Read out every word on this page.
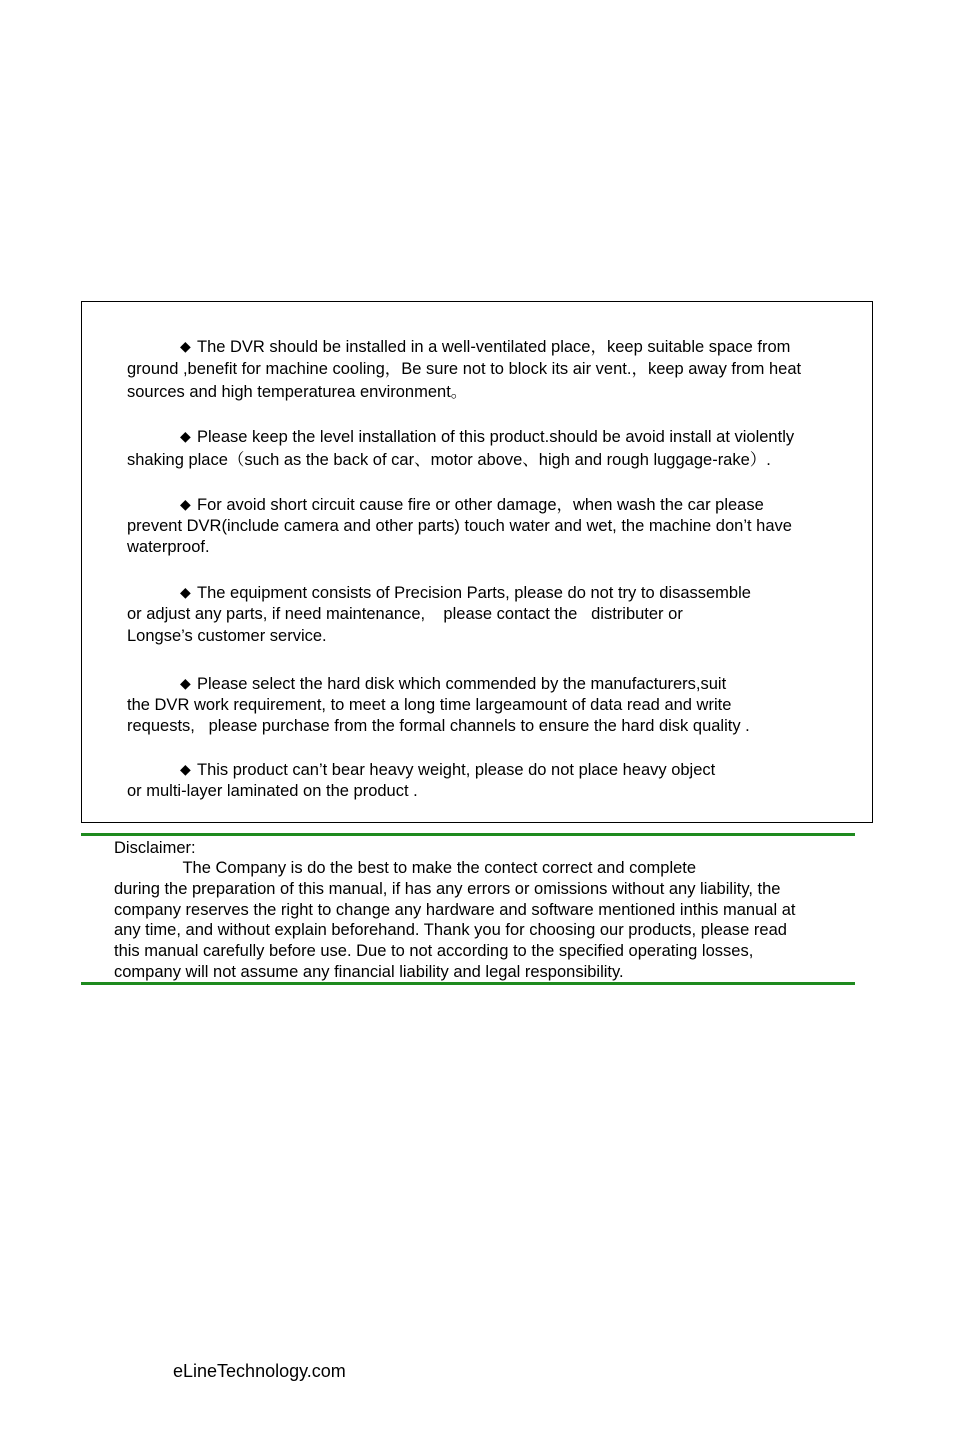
◆ The DVR should be installed in a well-ventilated place，keep suitable space from
ground ,benefit for machine cooling，Be sure not to block its air vent.，keep away from heat
sources and high temperaturea environment。
◆ Please keep the level installation of this product.should be avoid install at violently
shaking place（such as the back of car、motor above、high and rough luggage-rake）.
◆ For avoid short circuit cause fire or other damage，when wash the car please
prevent DVR(include camera and other parts) touch water and wet, the machine don’t have
waterproof.
◆ The equipment consists of Precision Parts, please do not try to disassemble
or adjust any parts, if need maintenance,    please contact the   distributer or
Longse’s customer service.
◆ Please select the hard disk which commended by the manufacturers,suit
the DVR work requirement, to meet a long time largeamount of data read and write
requests,   please purchase from the formal channels to ensure the hard disk quality .
◆ This product can’t bear heavy weight, please do not place heavy object
or multi-layer laminated on the product .
Disclaimer:
The Company is do the best to make the contect correct and complete
during the preparation of this manual, if has any errors or omissions without any liability, the
company reserves the right to change any hardware and software mentioned inthis manual at
any time, and without explain beforehand. Thank you for choosing our products, please read
this manual carefully before use. Due to not according to the specified operating losses,
company will not assume any financial liability and legal responsibility.
eLineTechnology.com
